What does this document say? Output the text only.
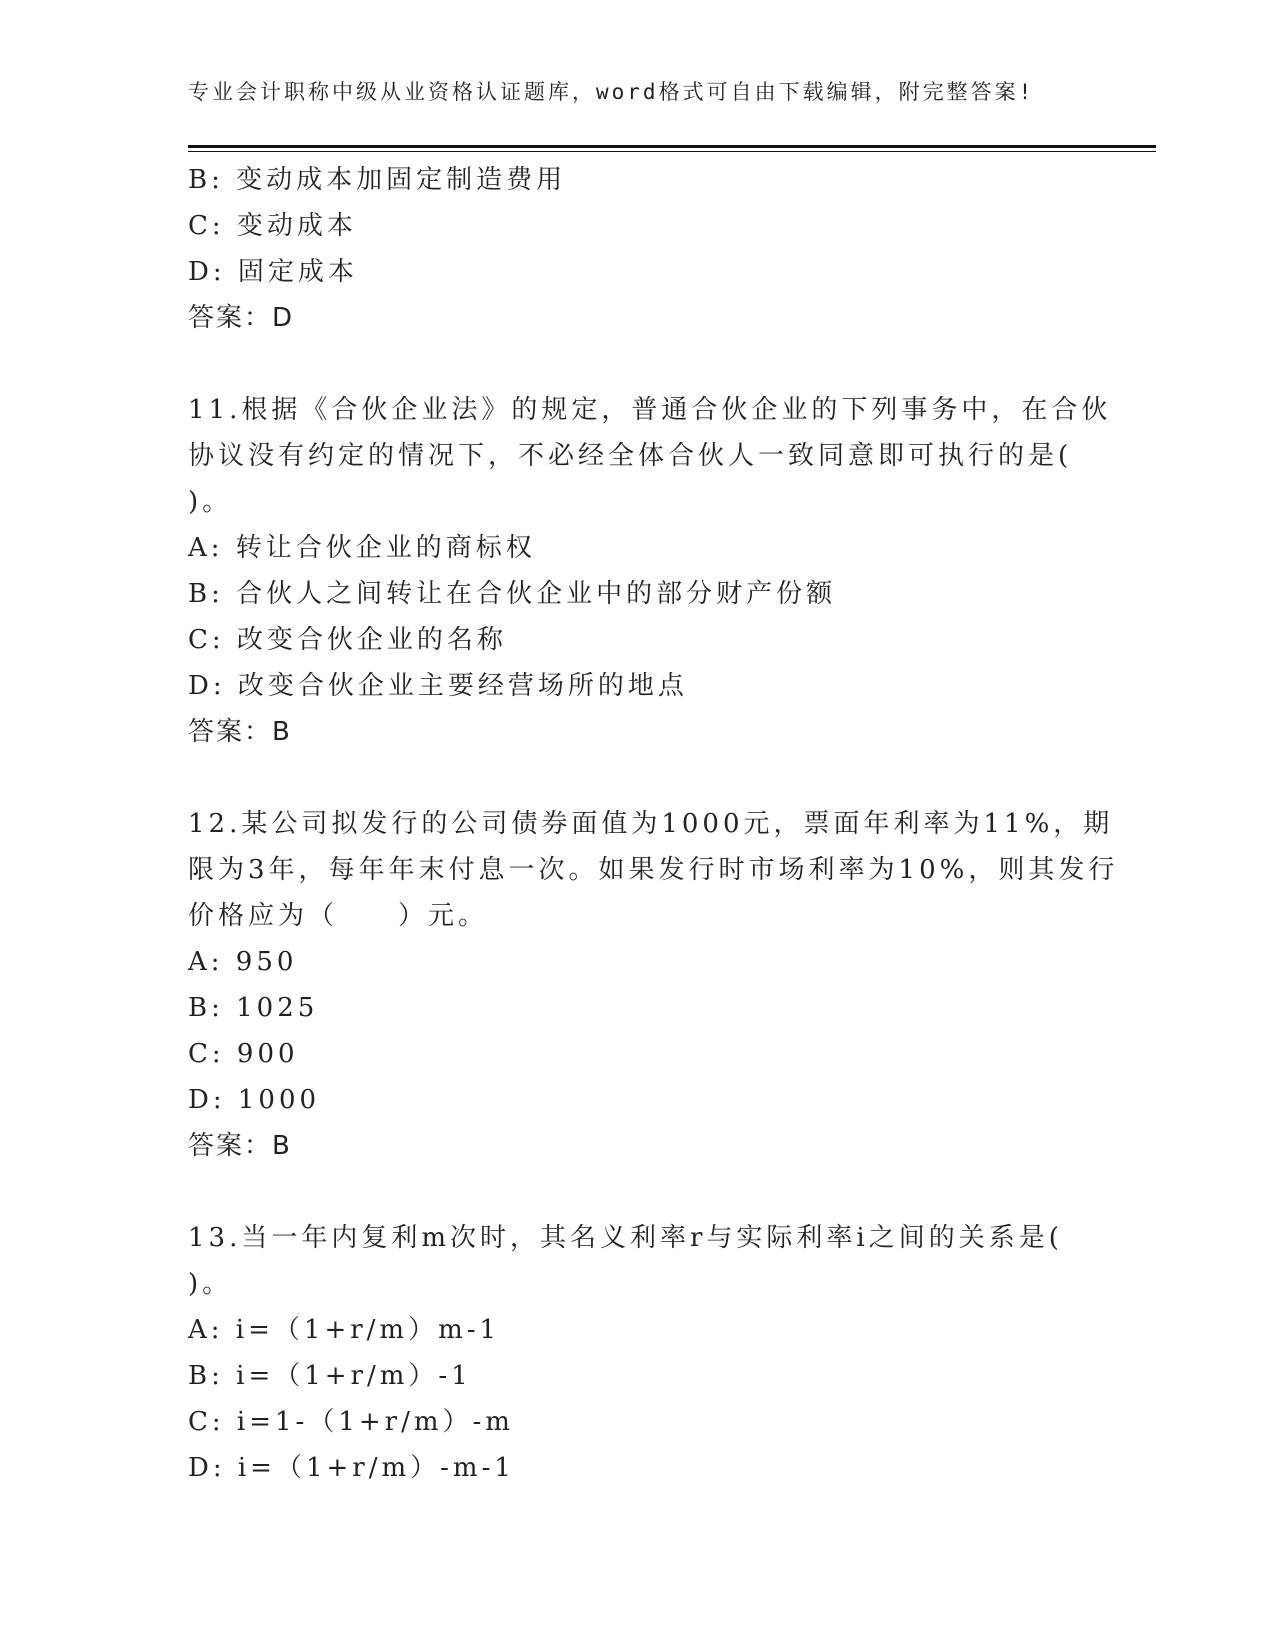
专业会计职称中级从业资格认证题库，word格式可自由下载编辑，附完整答案!
B: 变动成本加固定制造费用
C: 变动成本
D: 固定成本
答案：D
11.根据《合伙企业法》的规定，普通合伙企业的下列事务中，在合伙
协议没有约定的情况下，不必经全体合伙人一致同意即可执行的是(
)。
A: 转让合伙企业的商标权
B: 合伙人之间转让在合伙企业中的部分财产份额
C: 改变合伙企业的名称
D: 改变合伙企业主要经营场所的地点
答案：B
12.某公司拟发行的公司债券面值为1000元，票面年利率为11%，期
限为3年，每年年末付息一次。如果发行时市场利率为10%，则其发行
价格应为（　　）元。
A: 950
B: 1025
C: 900
D: 1000
答案：B
13.当一年内复利m次时，其名义利率r与实际利率i之间的关系是(
)。
A: i=（1+r/m）m-1
B: i=（1+r/m）-1
C: i=1-（1+r/m）-m
D: i=（1+r/m）-m-1
